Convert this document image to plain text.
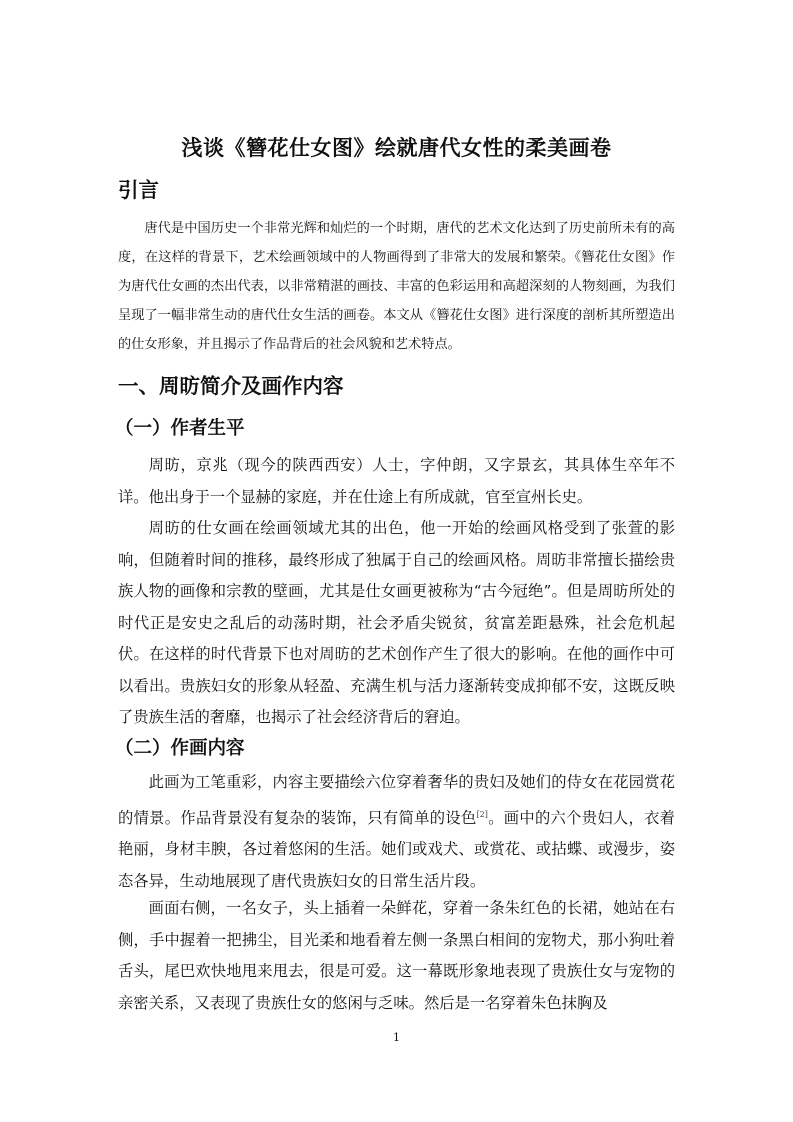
浅谈《簪花仕女图》绘就唐代女性的柔美画卷
引言

唐代是中国历史一个非常光辉和灿烂的一个时期，唐代的艺术文化达到了历史前所未有的高度，在这样的背景下，艺术绘画领域中的人物画得到了非常大的发展和繁荣。《簪花仕女图》作为唐代仕女画的杰出代表，以非常精湛的画技、丰富的色彩运用和高超深刻的人物刻画，为我们呈现了一幅非常生动的唐代仕女生活的画卷。本文从《簪花仕女图》进行深度的剖析其所塑造出的仕女形象，并且揭示了作品背后的社会风貌和艺术特点。

一、周昉简介及画作内容
（一）作者生平

周昉，京兆（现今的陕西西安）人士，字仲朗，又字景玄，其具体生卒年不详。他出身于一个显赫的家庭，并在仕途上有所成就，官至宣州长史。

周昉的仕女画在绘画领域尤其的出色，他一开始的绘画风格受到了张萱的影响，但随着时间的推移，最终形成了独属于自己的绘画风格。周昉非常擅长描绘贵族人物的画像和宗教的壁画，尤其是仕女画更被称为“古今冠绝”。但是周昉所处的时代正是安史之乱后的动荡时期，社会矛盾尖锐贫，贫富差距悬殊，社会危机起伏。在这样的时代背景下也对周昉的艺术创作产生了很大的影响。在他的画作中可以看出。贵族妇女的形象从轻盈、充满生机与活力逐渐转变成抑郁不安，这既反映了贵族生活的奢靡，也揭示了社会经济背后的窘迫。

（二）作画内容

此画为工笔重彩，内容主要描绘六位穿着奢华的贵妇及她们的侍女在花园赏花的情景。作品背景没有复杂的装饰，只有简单的设色[2]。画中的六个贵妇人，衣着艳丽，身材丰腴，各过着悠闲的生活。她们或戏犬、或赏花、或拈蝶、或漫步，姿态各异，生动地展现了唐代贵族妇女的日常生活片段。

画面右侧，一名女子，头上插着一朵鲜花，穿着一条朱红色的长裙，她站在右侧，手中握着一把拂尘，目光柔和地看着左侧一条黑白相间的宠物犬，那小狗吐着舌头，尾巴欢快地甩来甩去，很是可爱。这一幕既形象地表现了贵族仕女与宠物的亲密关系，又表现了贵族仕女的悠闲与乏味。然后是一名穿着朱色抹胸及

1
